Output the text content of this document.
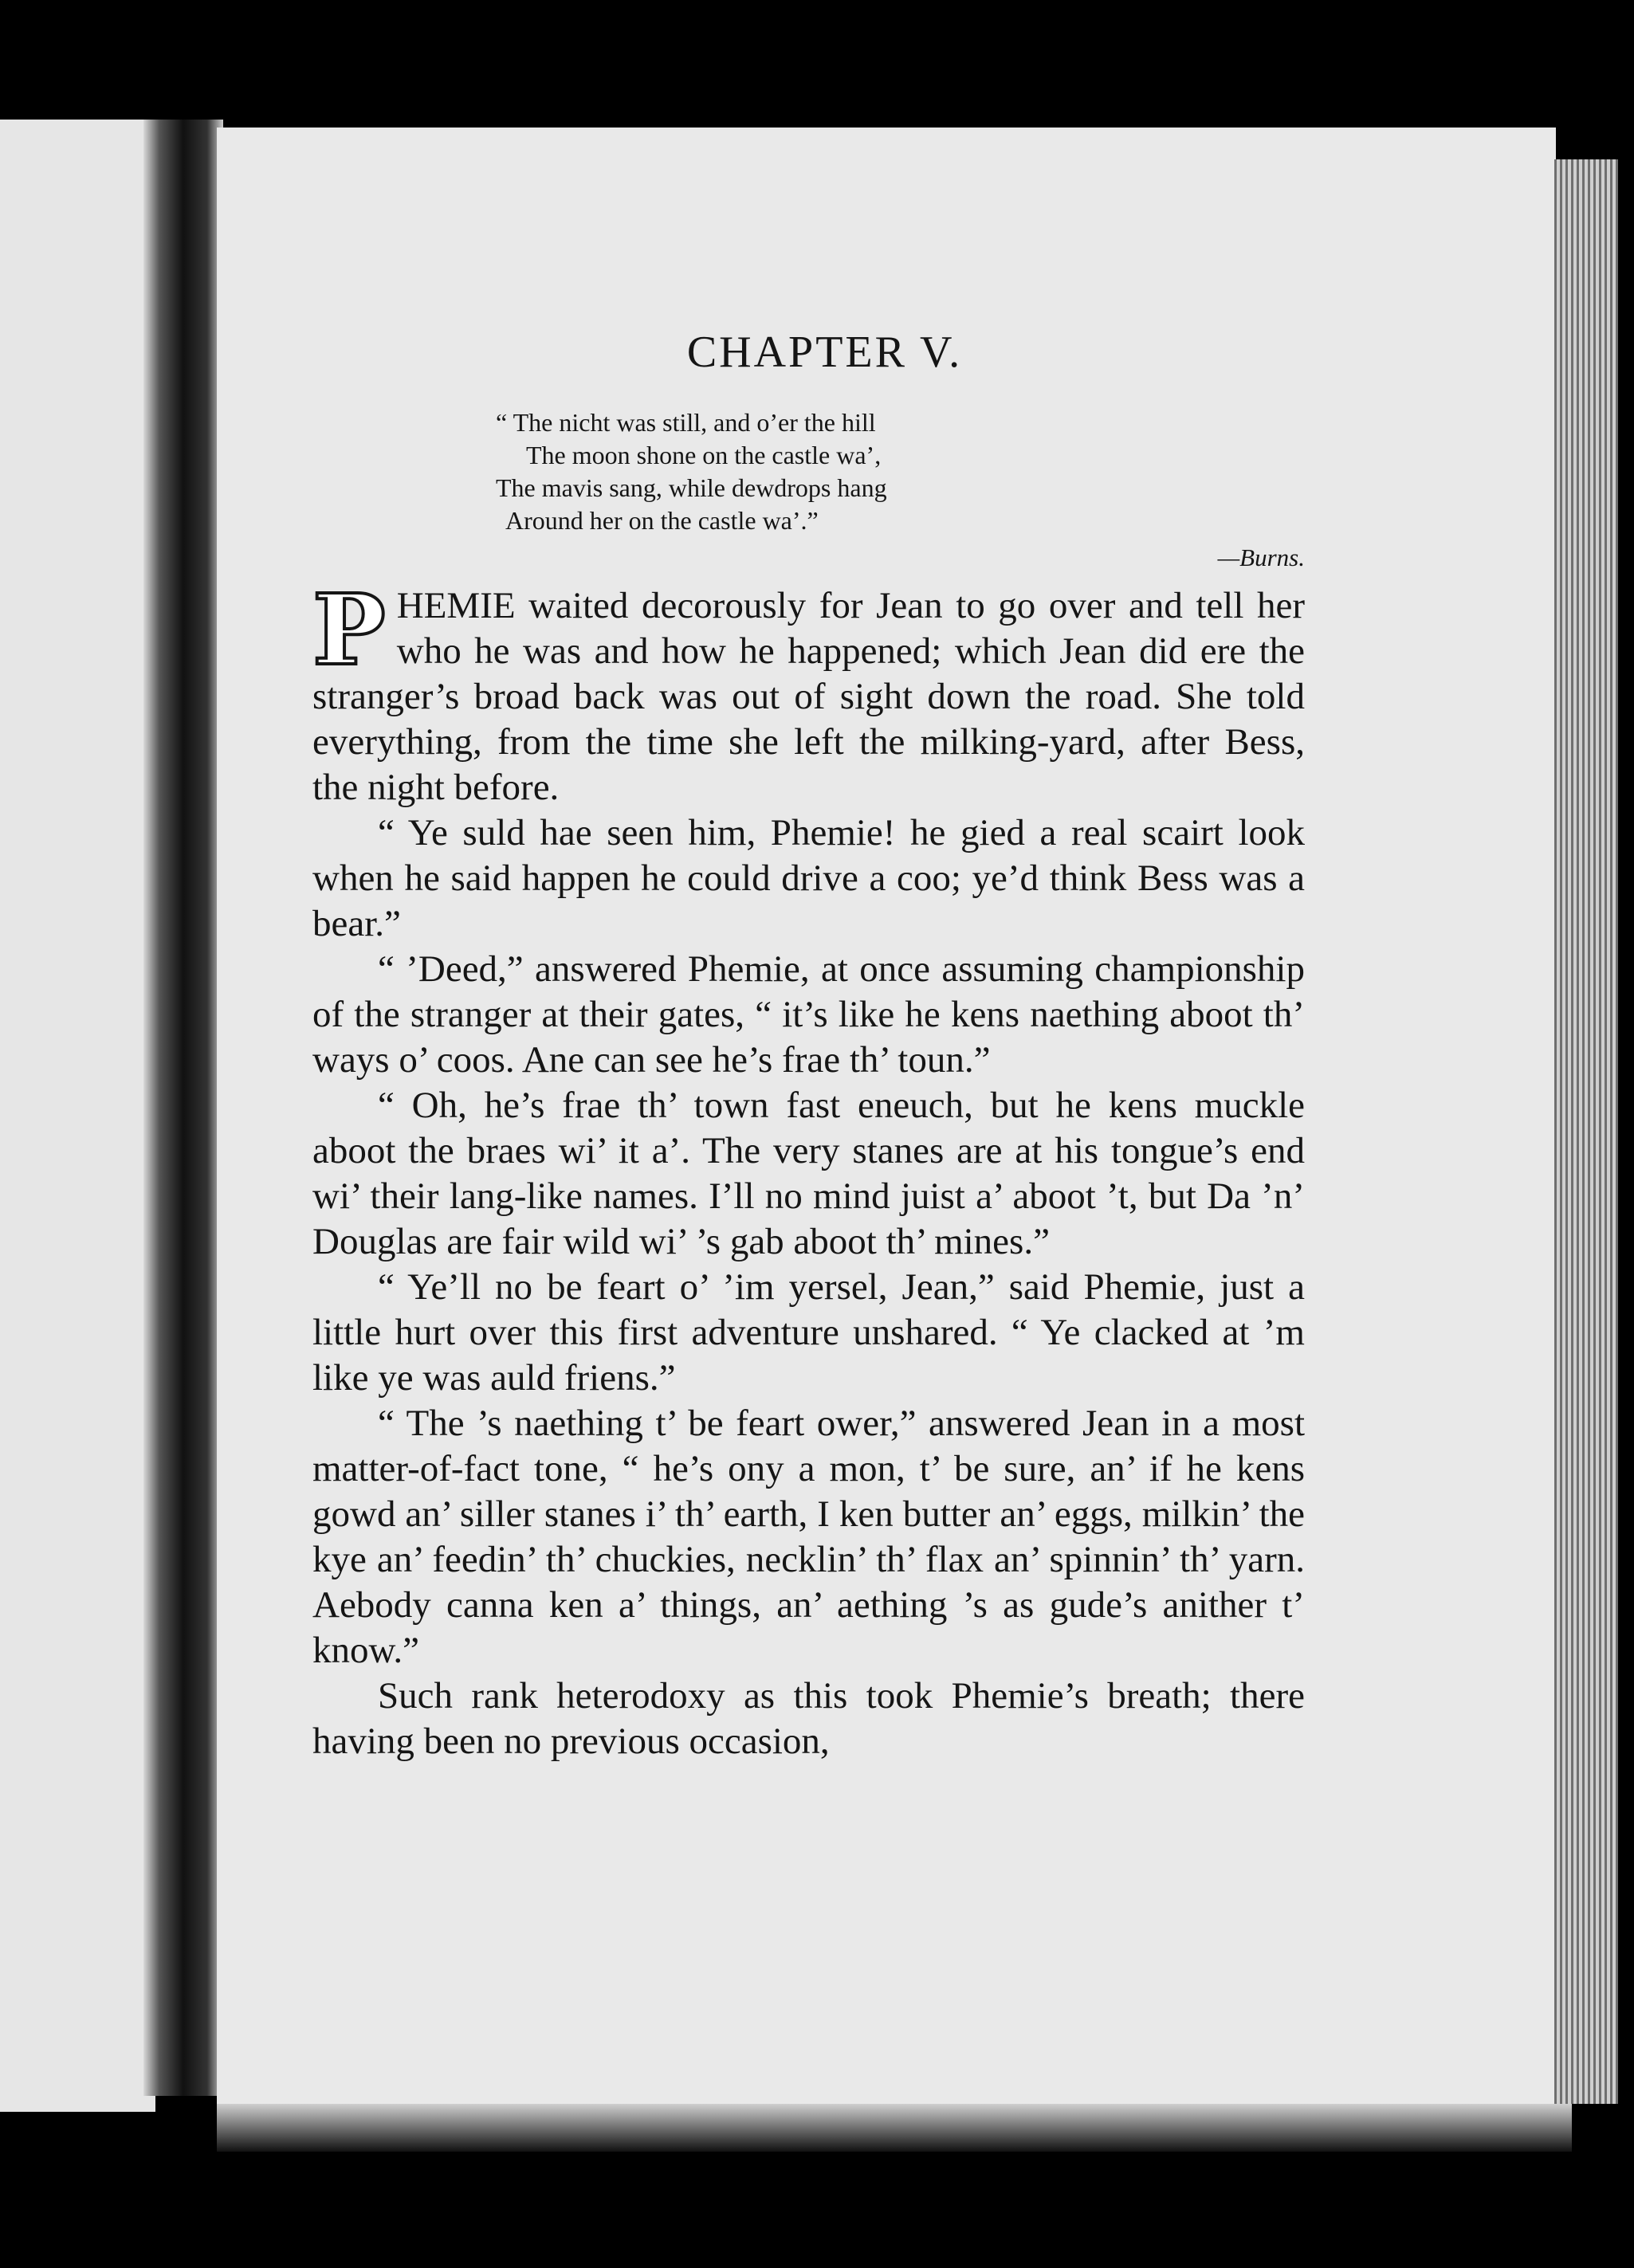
CHAPTER V.
“ The nicht was still, and o’er the hill
The moon shone on the castle wa’,
The mavis sang, while dewdrops hang
Around her on the castle wa’.”
—Burns.

PHEMIE waited decorously for Jean to go over and tell her who he was and how he happened; which Jean did ere the stranger’s broad back was out of sight down the road. She told everything, from the time she left the milking-yard, after Bess, the night before.

“ Ye suld hae seen him, Phemie! he gied a real scairt look when he said happen he could drive a coo; ye’d think Bess was a bear.”

“ ’Deed,” answered Phemie, at once assuming championship of the stranger at their gates, “ it’s like he kens naething aboot th’ ways o’ coos. Ane can see he’s frae th’ toun.”

“ Oh, he’s frae th’ town fast eneuch, but he kens muckle aboot the braes wi’ it a’. The very stanes are at his tongue’s end wi’ their lang-like names. I’ll no mind juist a’ aboot ’t, but Da ’n’ Douglas are fair wild wi’ ’s gab aboot th’ mines.”

“ Ye’ll no be feart o’ ’im yersel, Jean,” said Phemie, just a little hurt over this first adventure unshared. “ Ye clacked at ’m like ye was auld friens.”

“ The ’s naething t’ be feart ower,” answered Jean in a most matter-of-fact tone, “ he’s ony a mon, t’ be sure, an’ if he kens gowd an’ siller stanes i’ th’ earth, I ken butter an’ eggs, milkin’ the kye an’ feedin’ th’ chuckies, necklin’ th’ flax an’ spinnin’ th’ yarn. Aebody canna ken a’ things, an’ aething ’s as gude’s anither t’ know.”

Such rank heterodoxy as this took Phemie’s breath; there having been no previous occasion,
